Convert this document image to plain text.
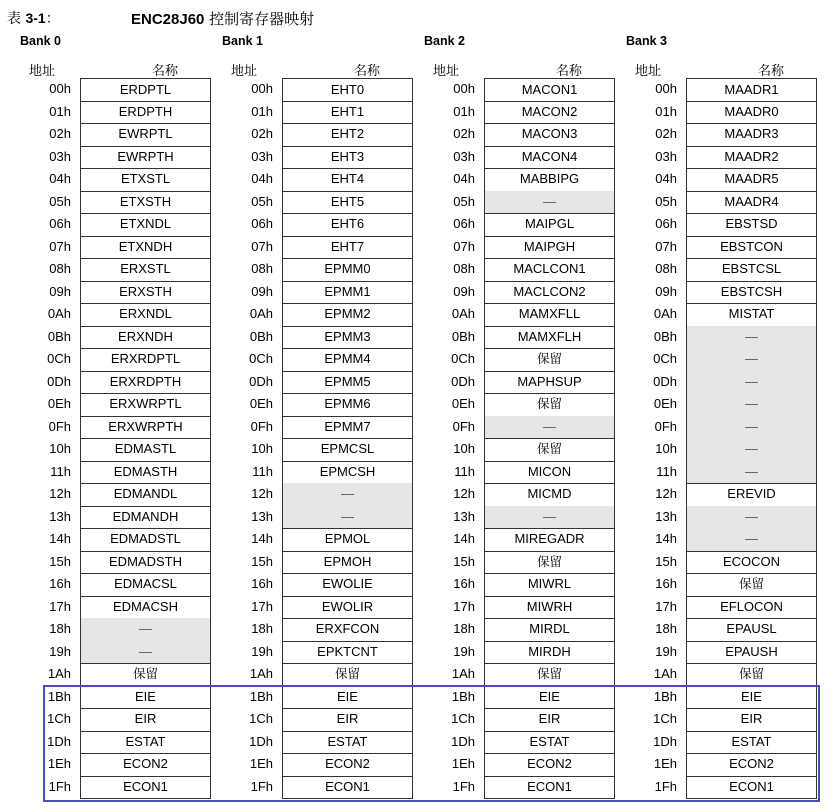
表 3-1：	ENC28J60 控制寄存器映射
Bank 0
地址	名称
00h	ERDPTL
01h	ERDPTH
02h	EWRPTL
03h	EWRPTH
04h	ETXSTL
05h	ETXSTH
06h	ETXNDL
07h	ETXNDH
08h	ERXSTL
09h	ERXSTH
0Ah	ERXNDL
0Bh	ERXNDH
0Ch	ERXRDPTL
0Dh	ERXRDPTH
0Eh	ERXWRPTL
0Fh	ERXWRPTH
10h	EDMASTL
11h	EDMASTH
12h	EDMANDL
13h	EDMANDH
14h	EDMADSTL
15h	EDMADSTH
16h	EDMACSL
17h	EDMACSH
18h	—
19h	—
1Ah	保留
1Bh	EIE
1Ch	EIR
1Dh	ESTAT
1Eh	ECON2
1Fh	ECON1
Bank 1
地址	名称
00h	EHT0
01h	EHT1
02h	EHT2
03h	EHT3
04h	EHT4
05h	EHT5
06h	EHT6
07h	EHT7
08h	EPMM0
09h	EPMM1
0Ah	EPMM2
0Bh	EPMM3
0Ch	EPMM4
0Dh	EPMM5
0Eh	EPMM6
0Fh	EPMM7
10h	EPMCSL
11h	EPMCSH
12h	—
13h	—
14h	EPMOL
15h	EPMOH
16h	EWOLIE
17h	EWOLIR
18h	ERXFCON
19h	EPKTCNT
1Ah	保留
1Bh	EIE
1Ch	EIR
1Dh	ESTAT
1Eh	ECON2
1Fh	ECON1
Bank 2
地址	名称
00h	MACON1
01h	MACON2
02h	MACON3
03h	MACON4
04h	MABBIPG
05h	—
06h	MAIPGL
07h	MAIPGH
08h	MACLCON1
09h	MACLCON2
0Ah	MAMXFLL
0Bh	MAMXFLH
0Ch	保留
0Dh	MAPHSUP
0Eh	保留
0Fh	—
10h	保留
11h	MICON
12h	MICMD
13h	—
14h	MIREGADR
15h	保留
16h	MIWRL
17h	MIWRH
18h	MIRDL
19h	MIRDH
1Ah	保留
1Bh	EIE
1Ch	EIR
1Dh	ESTAT
1Eh	ECON2
1Fh	ECON1
Bank 3
地址	名称
00h	MAADR1
01h	MAADR0
02h	MAADR3
03h	MAADR2
04h	MAADR5
05h	MAADR4
06h	EBSTSD
07h	EBSTCON
08h	EBSTCSL
09h	EBSTCSH
0Ah	MISTAT
0Bh	—
0Ch	—
0Dh	—
0Eh	—
0Fh	—
10h	—
11h	—
12h	EREVID
13h	—
14h	—
15h	ECOCON
16h	保留
17h	EFLOCON
18h	EPAUSL
19h	EPAUSH
1Ah	保留
1Bh	EIE
1Ch	EIR
1Dh	ESTAT
1Eh	ECON2
1Fh	ECON1
